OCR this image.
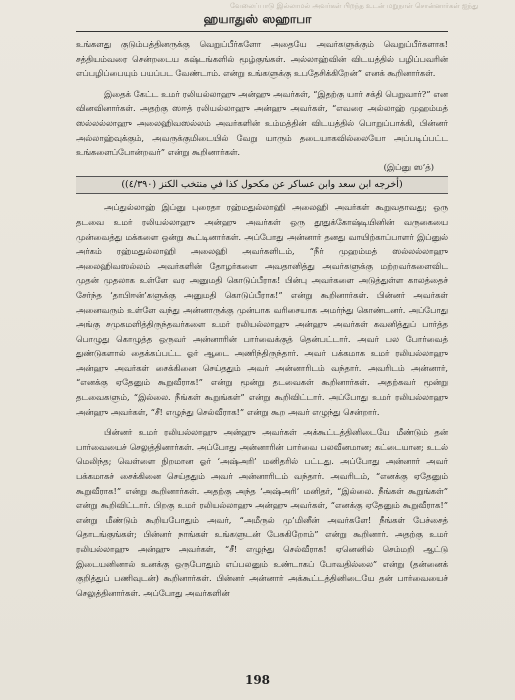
வேலைப்பாடு இல்லாமல் அவர்கள் பிறந்த உடன் மறுநாள் சொன்னார்கள் ஐந்து
ஹயாதுஸ் ஸஹாபா

உங்களது குடும்பத்தினருக்கு வெறுப்பீர்களோ அதையே அவர்களுக்கும் வெறுப்பீர்களாக! சத்தியம்வரை சென்றடைய கஷ்டங்களில் மூழ்குங்கள். அல்லாஹ்வின் விடயத்தில் பழிப்பவரின் எப்பழிப்பையும் பயப்பட வேண்டாம். என்று உங்களுக்கு உபதேசிக்கிறேன்” எனக் கூறினார்கள்.

இதைக் கேட்ட உமர் ரலியல்லாஹு அன்ஹு அவர்கள், “இதற்கு யார் சக்தி பெறுவார்?” என வினவினார்கள். அதற்கு ஸஈத் ரலியல்லாஹு அன்ஹு அவர்கள், “எவரை அல்லாஹ் முஹம்மத் ஸல்லல்லாஹு அலைஹிவஸல்லம் அவர்களின் உம்மத்தின் விடயத்தில் பொறுப்பாக்கி, பின்னர் அல்லாஹ்வுக்கும், அவருக்குமிடையில் வேறு யாரும் தடையாகவில்லையோ அப்படிப்பட்ட உங்களைப்போன்றவர்” என்று கூறினார்கள்.

(இப்னு ஸ’த்)

(أخرجه ابن سعد وابن عساكر عن مكحول كذا في منتخب الكنز (٤/٣٩٠))

அப்துல்லாஹ் இப்னு புரைதா ரஹ்மதுல்லாஹி அலைஹி அவர்கள் கூறுவதாவது; ஒரு தடவை உமர் ரலியல்லாஹு அன்ஹு அவர்கள் ஒரு தூதுக்கோஷ்டியினின் வருகையை முன்வைத்து மக்களை ஒன்று கூட்டினார்கள். அப்போது அன்னார் தனது வாயிற்காப்பாளர் இப்னுல் அர்கம் ரஹ்மதுல்லாஹி அலைஹி அவர்களிடம், “நீர் முஹம்மத் ஸல்லல்லாஹு அலைஹிவஸல்லம் அவர்களின் தோழர்களை அவதானித்து அவர்களுக்கு மற்றவர்களைவிட முதன் முதலாக உள்ளே வர அனுமதி கொடுப்பீராக! பின்பு அவர்களை அடுத்துள்ள காலத்தைச் சேர்ந்த ‘தாபிஈன்’களுக்கு அனுமதி கொடுப்பீராக!” என்று கூறினார்கள். பின்னர் அவர்கள் அனைவரும் உள்ளே வந்து அன்னாருக்கு முன்பாக வரிசையாக அமர்ந்து கொண்டனர். அப்போது அங்கு சமுகமளித்திருந்தவர்களை உமர் ரலியல்லாஹு அன்ஹு அவர்கள் கவனித்துப் பார்த்த பொழுது கொழுத்த ஒருவர் அன்னாரின் பார்வைக்குத் தென்பட்டார். அவர் பல போர்வைத் துண்டுகளால் தைக்கப்பட்ட ஓர் ஆடை அணிந்திருந்தார். அவர் பக்கமாக உமர் ரலியல்லாஹு அன்ஹு அவர்கள் சைக்கினை செய்ததும் அவர் அன்னாரிடம் வந்தார். அவரிடம் அன்னார், “எனக்கு ஏதேனும் கூறுவீராக!” என்று மூன்று தடவைகள் கூறினார்கள். அதற்கவர் மூன்று தடவைகளும், “இல்லை. நீங்கள் கூறுங்கள்” என்று கூறிவிட்டார். அப்போது உமர் ரலியல்லாஹு அன்ஹு அவர்கள், “சீ! எழுந்து செல்வீராக!” என்று கூற அவர் எழுந்து சென்றார்.

பின்னர் உமர் ரலியல்லாஹு அன்ஹு அவர்கள் அக்கூட்டத்தினிடையே மீண்டும் தன் பார்வையைச் செலுத்தினார்கள். அப்போது அன்னாரின் பார்வை பலவீனமான; கட்டையான; உடல் மெலிந்த; வெள்ளை நிறமான ஓர் ‘அஷ்அரி’ மனிதரில் பட்டது. அப்போது அன்னார் அவர் பக்கமாகச் சைக்கினை செய்ததும் அவர் அன்னாரிடம் வந்தார். அவரிடம், “எனக்கு ஏதேனும் கூறுவீராக!” என்று கூறினார்கள். அதற்கு அந்த ‘அஷ்அரி’ மனிதர், “இல்லை. நீங்கள் கூறுங்கள்” என்று கூறிவிட்டார். பிறகு உமர் ரலியல்லாஹு அன்ஹு அவர்கள், “எனக்கு ஏதேனும் கூறுவீராக!” என்று மீண்டும் கூறியபோதும் அவர், “அமீருல் மு’மினீன் அவர்களே! நீங்கள் பேச்சைத் தொடங்குங்கள்; பின்னர் நாங்கள் உங்களுடன் பேசுகிறோம்” என்று கூறினார். அதற்கு உமர் ரலியல்லாஹு அன்ஹு அவர்கள், “சீ! எழுந்து செல்வீராக! ஏனெனில் செம்மறி ஆட்டு இடையனினால் உனக்கு ஒருபோதும் எப்பலனும் உண்டாகப் போவதில்லை” என்று (தன்னைக் குறித்துப் பணிவுடன்) கூறினார்கள். பின்னர் அன்னார் அக்கூட்டத்தினிடையே தன் பார்வையைச் செலுத்தினார்கள். அப்போது அவர்களின்

198
